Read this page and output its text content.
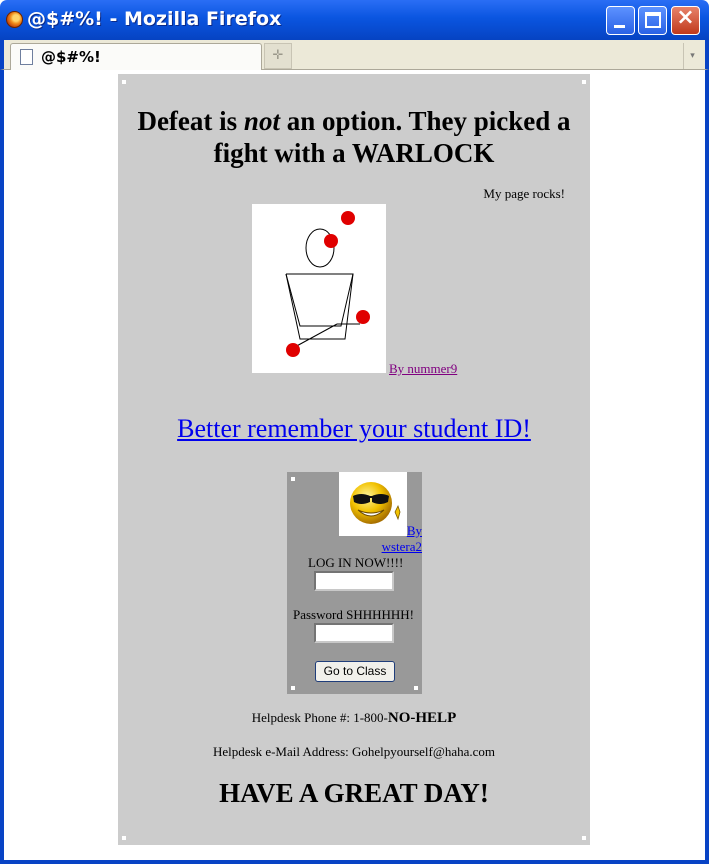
@$#%! - Mozilla Firefox	×
@$#%!	✛	▾
Defeat is not an option. They picked a fight with a WARLOCK
My page rocks!
By nummer9
Better remember your student ID!
By wstera2
LOG IN NOW!!!!
Password SHHHHHH!
Go to Class
Helpdesk Phone #: 1-800-NO-HELP
Helpdesk e-Mail Address: Gohelpyourself@haha.com
HAVE A GREAT DAY!
